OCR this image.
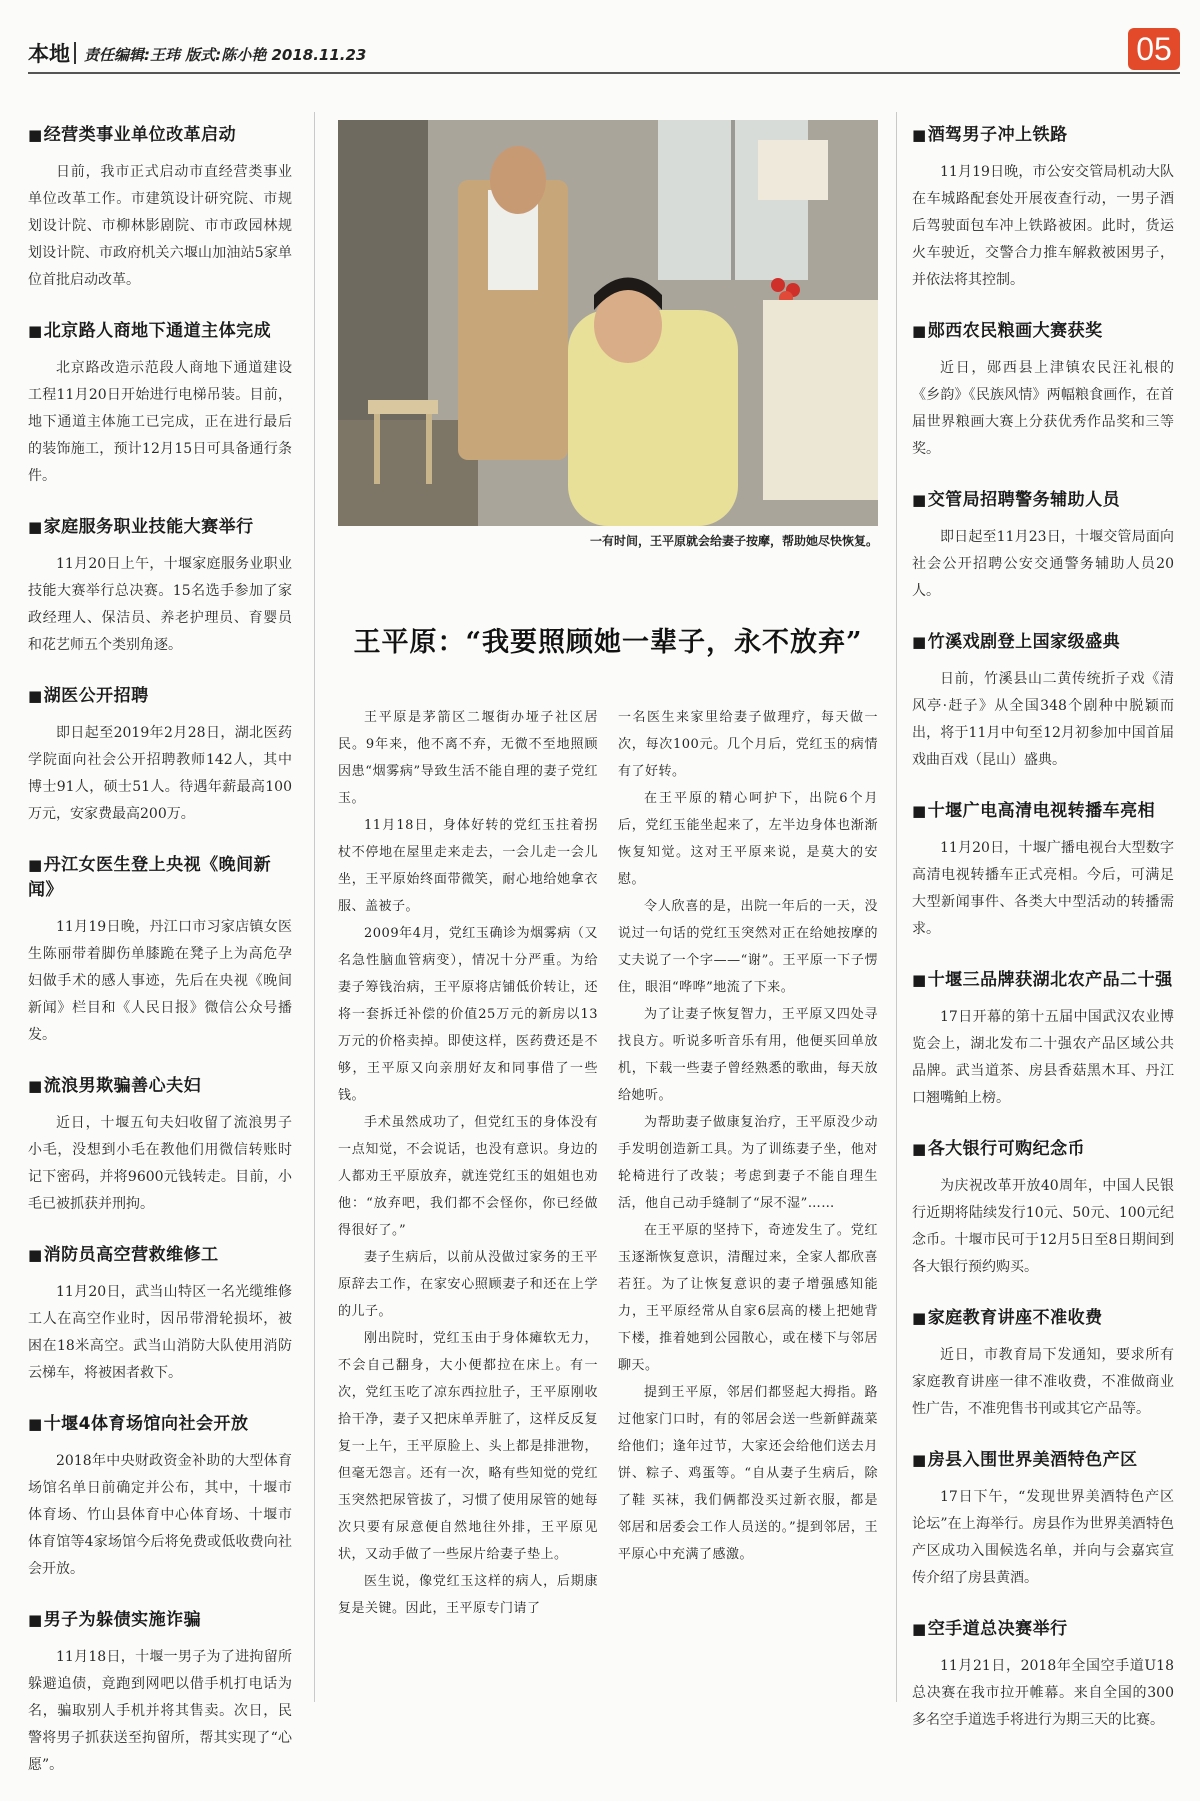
本地 责任编辑:王玮 版式:陈小艳 2018.11.23	05
■ 经营类事业单位改革启动

日前，我市正式启动市直经营类事业单位改革工作。市建筑设计研究院、市规划设计院、市柳林影剧院、市市政园林规划设计院、市政府机关六堰山加油站5家单位首批启动改革。

■ 北京路人商地下通道主体完成

北京路改造示范段人商地下通道建设工程11月20日开始进行电梯吊装。目前，地下通道主体施工已完成，正在进行最后的装饰施工，预计12月15日可具备通行条件。

■ 家庭服务职业技能大赛举行

11月20日上午，十堰家庭服务业职业技能大赛举行总决赛。15名选手参加了家政经理人、保洁员、养老护理员、育婴员和花艺师五个类别角逐。

■ 湖医公开招聘

即日起至2019年2月28日，湖北医药学院面向社会公开招聘教师142人，其中博士91人，硕士51人。待遇年薪最高100万元，安家费最高200万。

■ 丹江女医生登上央视《晚间新闻》

11月19日晚，丹江口市习家店镇女医生陈丽带着脚伤单膝跪在凳子上为高危孕妇做手术的感人事迹，先后在央视《晚间新闻》栏目和《人民日报》微信公众号播发。

■ 流浪男欺骗善心夫妇

近日，十堰五旬夫妇收留了流浪男子小毛，没想到小毛在教他们用微信转账时记下密码，并将9600元钱转走。目前，小毛已被抓获并刑拘。

■ 消防员高空营救维修工

11月20日，武当山特区一名光缆维修工人在高空作业时，因吊带滑轮损坏，被困在18米高空。武当山消防大队使用消防云梯车，将被困者救下。

■ 十堰4体育场馆向社会开放

2018年中央财政资金补助的大型体育场馆名单日前确定并公布，其中，十堰市体育场、竹山县体育中心体育场、十堰市体育馆等4家场馆今后将免费或低收费向社会开放。

■ 男子为躲债实施诈骗

11月18日，十堰一男子为了进拘留所躲避追债，竟跑到网吧以借手机打电话为名，骗取别人手机并将其售卖。次日，民警将男子抓获送至拘留所，帮其实现了“心愿”。

一有时间，王平原就会给妻子按摩，帮助她尽快恢复。
王平原：“我要照顾她一辈子，永不放弃”

王平原是茅箭区二堰街办垭子社区居民。9年来，他不离不弃，无微不至地照顾因患“烟雾病”导致生活不能自理的妻子党红玉。

11月18日，身体好转的党红玉拄着拐杖不停地在屋里走来走去，一会儿走一会儿坐，王平原始终面带微笑，耐心地给她拿衣服、盖被子。

2009年4月，党红玉确诊为烟雾病（又名急性脑血管病变），情况十分严重。为给妻子筹钱治病，王平原将店铺低价转让，还将一套拆迁补偿的价值25万元的新房以13万元的价格卖掉。即使这样，医药费还是不够，王平原又向亲朋好友和同事借了一些钱。

手术虽然成功了，但党红玉的身体没有一点知觉，不会说话，也没有意识。身边的人都劝王平原放弃，就连党红玉的姐姐也劝他：“放弃吧，我们都不会怪你，你已经做得很好了。”

妻子生病后，以前从没做过家务的王平原辞去工作，在家安心照顾妻子和还在上学的儿子。

刚出院时，党红玉由于身体瘫软无力，不会自己翻身，大小便都拉在床上。有一次，党红玉吃了凉东西拉肚子，王平原刚收拾干净，妻子又把床单弄脏了，这样反反复复一上午，王平原脸上、头上都是排泄物，但毫无怨言。还有一次，略有些知觉的党红玉突然把尿管拔了，习惯了使用尿管的她每次只要有尿意便自然地往外排，王平原见状，又动手做了一些尿片给妻子垫上。

医生说，像党红玉这样的病人，后期康复是关键。因此，王平原专门请了

一名医生来家里给妻子做理疗，每天做一次，每次100元。几个月后，党红玉的病情有了好转。

在王平原的精心呵护下，出院6个月后，党红玉能坐起来了，左半边身体也渐渐恢复知觉。这对王平原来说，是莫大的安慰。

令人欣喜的是，出院一年后的一天，没说过一句话的党红玉突然对正在给她按摩的丈夫说了一个字——“谢”。王平原一下子愣住，眼泪“哗哗”地流了下来。

为了让妻子恢复智力，王平原又四处寻找良方。听说多听音乐有用，他便买回单放机，下载一些妻子曾经熟悉的歌曲，每天放给她听。

为帮助妻子做康复治疗，王平原没少动手发明创造新工具。为了训练妻子坐，他对轮椅进行了改装；考虑到妻子不能自理生活，他自己动手缝制了“尿不湿”……

在王平原的坚持下，奇迹发生了。党红玉逐渐恢复意识，清醒过来，全家人都欣喜若狂。为了让恢复意识的妻子增强感知能力，王平原经常从自家6层高的楼上把她背下楼，推着她到公园散心，或在楼下与邻居聊天。

提到王平原，邻居们都竖起大拇指。路过他家门口时，有的邻居会送一些新鲜蔬菜给他们；逢年过节，大家还会给他们送去月饼、粽子、鸡蛋等。“自从妻子生病后，除了鞋 买袜，我们俩都没买过新衣服，都是邻居和居委会工作人员送的。”提到邻居，王平原心中充满了感激。

■ 酒驾男子冲上铁路

11月19日晚，市公安交管局机动大队在车城路配套处开展夜查行动，一男子酒后驾驶面包车冲上铁路被困。此时，货运火车驶近，交警合力推车解救被困男子，并依法将其控制。

■ 郧西农民粮画大赛获奖

近日，郧西县上津镇农民汪礼根的《乡韵》《民族风情》两幅粮食画作，在首届世界粮画大赛上分获优秀作品奖和三等奖。

■ 交管局招聘警务辅助人员

即日起至11月23日，十堰交管局面向社会公开招聘公安交通警务辅助人员20人。

■ 竹溪戏剧登上国家级盛典

日前，竹溪县山二黄传统折子戏《清风亭·赶子》从全国348个剧种中脱颖而出，将于11月中旬至12月初参加中国首届戏曲百戏（昆山）盛典。

■ 十堰广电高清电视转播车亮相

11月20日，十堰广播电视台大型数字高清电视转播车正式亮相。今后，可满足大型新闻事件、各类大中型活动的转播需求。

■ 十堰三品牌获湖北农产品二十强

17日开幕的第十五届中国武汉农业博览会上，湖北发布二十强农产品区域公共品牌。武当道茶、房县香菇黑木耳、丹江口翘嘴鲌上榜。

■ 各大银行可购纪念币

为庆祝改革开放40周年，中国人民银行近期将陆续发行10元、50元、100元纪念币。十堰市民可于12月5日至8日期间到各大银行预约购买。

■ 家庭教育讲座不准收费

近日，市教育局下发通知，要求所有家庭教育讲座一律不准收费，不准做商业性广告，不准兜售书刊或其它产品等。

■ 房县入围世界美酒特色产区

17日下午，“发现世界美酒特色产区论坛”在上海举行。房县作为世界美酒特色产区成功入围候选名单，并向与会嘉宾宣传介绍了房县黄酒。

■ 空手道总决赛举行

11月21日，2018年全国空手道U18总决赛在我市拉开帷幕。来自全国的300多名空手道选手将进行为期三天的比赛。
